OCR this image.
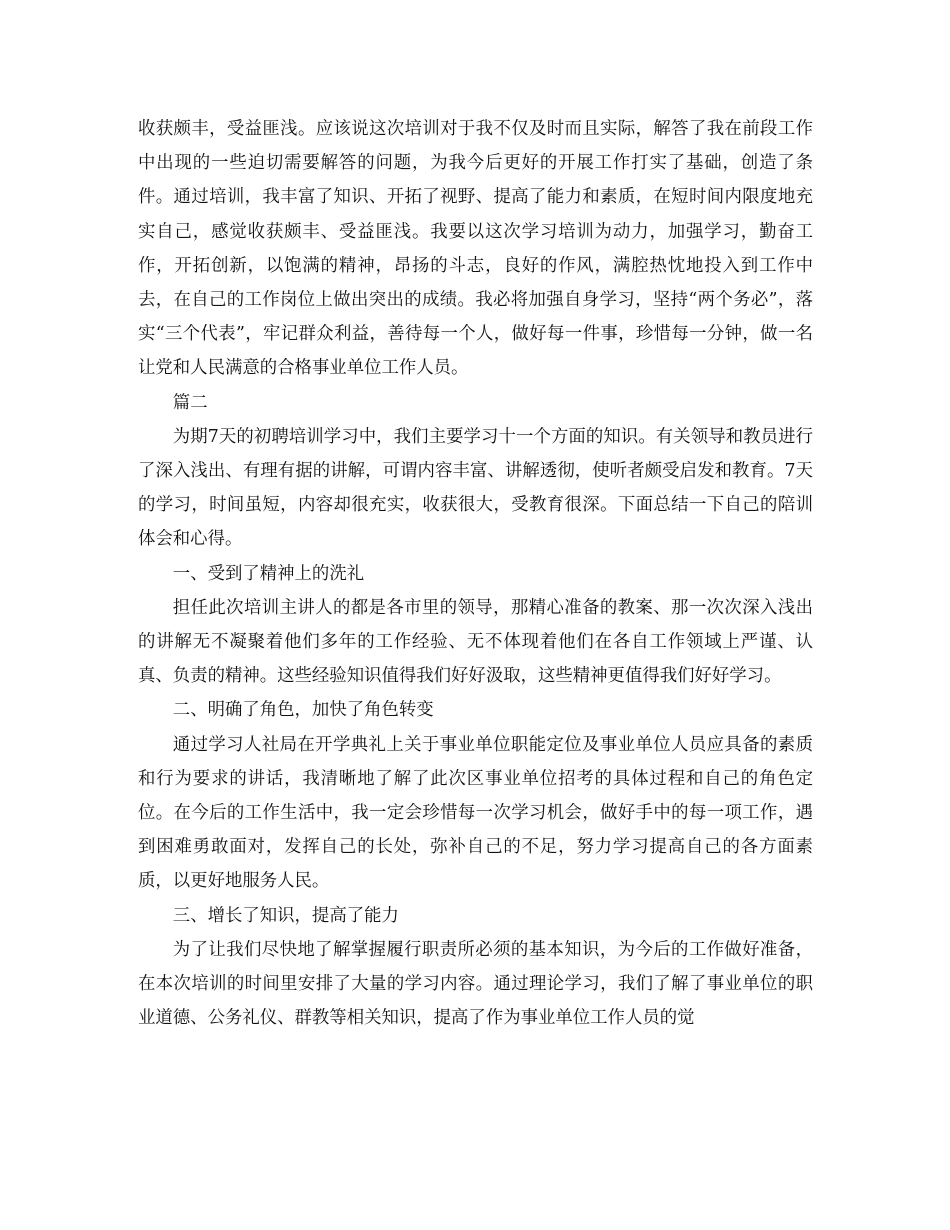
收获颇丰，受益匪浅。应该说这次培训对于我不仅及时而且实际，解答了我在前段工作中出现的一些迫切需要解答的问题，为我今后更好的开展工作打实了基础，创造了条件。通过培训，我丰富了知识、开拓了视野、提高了能力和素质，在短时间内限度地充实自己，感觉收获颇丰、受益匪浅。我要以这次学习培训为动力，加强学习，勤奋工作，开拓创新，以饱满的精神，昂扬的斗志，良好的作风，满腔热忱地投入到工作中去，在自己的工作岗位上做出突出的成绩。我必将加强自身学习，坚持“两个务必”，落实“三个代表”，牢记群众利益，善待每一个人，做好每一件事，珍惜每一分钟，做一名让党和人民满意的合格事业单位工作人员。

篇二

为期7天的初聘培训学习中，我们主要学习十一个方面的知识。有关领导和教员进行了深入浅出、有理有据的讲解，可谓内容丰富、讲解透彻，使听者颇受启发和教育。7天的学习，时间虽短，内容却很充实，收获很大，受教育很深。下面总结一下自己的陪训体会和心得。

一、受到了精神上的洗礼

担任此次培训主讲人的都是各市里的领导，那精心准备的教案、那一次次深入浅出的讲解无不凝聚着他们多年的工作经验、无不体现着他们在各自工作领域上严谨、认真、负责的精神。这些经验知识值得我们好好汲取，这些精神更值得我们好好学习。

二、明确了角色，加快了角色转变

通过学习人社局在开学典礼上关于事业单位职能定位及事业单位人员应具备的素质和行为要求的讲话，我清晰地了解了此次区事业单位招考的具体过程和自己的角色定位。在今后的工作生活中，我一定会珍惜每一次学习机会，做好手中的每一项工作，遇到困难勇敢面对，发挥自己的长处，弥补自己的不足，努力学习提高自己的各方面素质，以更好地服务人民。

三、增长了知识，提高了能力

为了让我们尽快地了解掌握履行职责所必须的基本知识，为今后的工作做好准备，在本次培训的时间里安排了大量的学习内容。通过理论学习，我们了解了事业单位的职业道德、公务礼仪、群教等相关知识，提高了作为事业单位工作人员的觉
